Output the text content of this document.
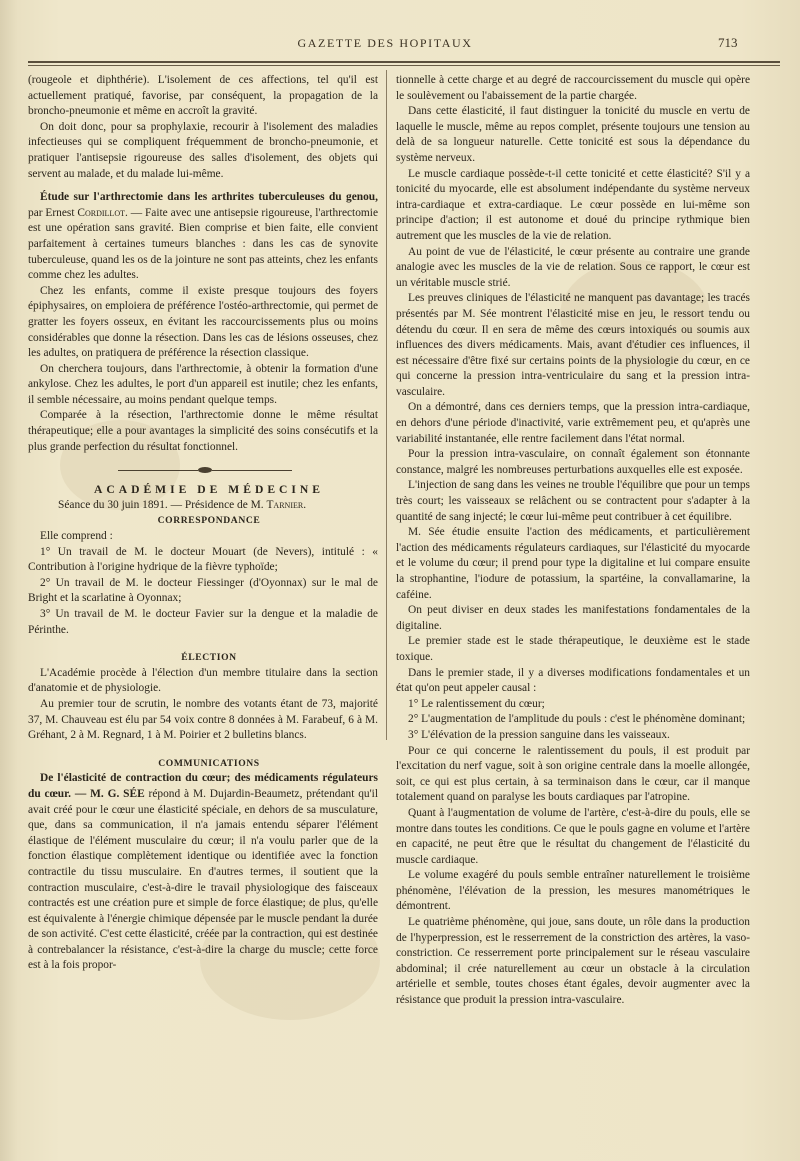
GAZETTE DES HOPITAUX	713

(rougeole et diphthérie). L'isolement de ces affections, tel qu'il est actuellement pratiqué, favorise, par conséquent, la propagation de la broncho-pneumonie et même en accroît la gravité.

On doit donc, pour sa prophylaxie, recourir à l'isolement des maladies infectieuses qui se compliquent fréquemment de broncho-pneumonie, et pratiquer l'antisepsie rigoureuse des salles d'isolement, des objets qui servent au malade, et du malade lui-même.

Étude sur l'arthrectomie dans les arthrites tuberculeuses du genou, par Ernest Cordillot. — Faite avec une antisepsie rigoureuse, l'arthrectomie est une opération sans gravité. Bien comprise et bien faite, elle convient parfaitement à certaines tumeurs blanches : dans les cas de synovite tuberculeuse, quand les os de la jointure ne sont pas atteints, chez les enfants comme chez les adultes.

Chez les enfants, comme il existe presque toujours des foyers épiphysaires, on emploiera de préférence l'ostéo-arthrectomie, qui permet de gratter les foyers osseux, en évitant les raccourcissements plus ou moins considérables que donne la résection. Dans les cas de lésions osseuses, chez les adultes, on pratiquera de préférence la résection classique.

On cherchera toujours, dans l'arthrectomie, à obtenir la formation d'une ankylose. Chez les adultes, le port d'un appareil est inutile; chez les enfants, il semble nécessaire, au moins pendant quelque temps.

Comparée à la résection, l'arthrectomie donne le même résultat thérapeutique; elle a pour avantages la simplicité des soins consécutifs et la plus grande perfection du résultat fonctionnel.

ACADÉMIE DE MÉDECINE

Séance du 30 juin 1891. — Présidence de M. Tarnier.

CORRESPONDANCE

Elle comprend :

1° Un travail de M. le docteur Mouart (de Nevers), intitulé : « Contribution à l'origine hydrique de la fièvre typhoïde;

2° Un travail de M. le docteur Fiessinger (d'Oyonnax) sur le mal de Bright et la scarlatine à Oyonnax;

3° Un travail de M. le docteur Favier sur la dengue et la maladie de Périnthe.

ÉLECTION

L'Académie procède à l'élection d'un membre titulaire dans la section d'anatomie et de physiologie.

Au premier tour de scrutin, le nombre des votants étant de 73, majorité 37, M. Chauveau est élu par 54 voix contre 8 données à M. Farabeuf, 6 à M. Gréhant, 2 à M. Regnard, 1 à M. Poirier et 2 bulletins blancs.

COMMUNICATIONS

De l'élasticité de contraction du cœur; des médicaments régulateurs du cœur. — M. G. SÉE répond à M. Dujardin-Beaumetz, prétendant qu'il avait créé pour le cœur une élasticité spéciale, en dehors de sa musculature, que, dans sa communication, il n'a jamais entendu séparer l'élément élastique de l'élément musculaire du cœur; il n'a voulu parler que de la fonction élastique complètement identique ou identifiée avec la fonction contractile du tissu musculaire. En d'autres termes, il soutient que la contraction musculaire, c'est-à-dire le travail physiologique des faisceaux contractés est une création pure et simple de force élastique; de plus, qu'elle est équivalente à l'énergie chimique dépensée par le muscle pendant la durée de son activité. C'est cette élasticité, créée par la contraction, qui est destinée à contrebalancer la résistance, c'est-à-dire la charge du muscle; cette force est à la fois propor-

tionnelle à cette charge et au degré de raccourcissement du muscle qui opère le soulèvement ou l'abaissement de la partie chargée.

Dans cette élasticité, il faut distinguer la tonicité du muscle en vertu de laquelle le muscle, même au repos complet, présente toujours une tension au delà de sa longueur naturelle. Cette tonicité est sous la dépendance du système nerveux.

Le muscle cardiaque possède-t-il cette tonicité et cette élasticité? S'il y a tonicité du myocarde, elle est absolument indépendante du système nerveux intra-cardiaque et extra-cardiaque. Le cœur possède en lui-même son principe d'action; il est autonome et doué du principe rythmique bien autrement que les muscles de la vie de relation.

Au point de vue de l'élasticité, le cœur présente au contraire une grande analogie avec les muscles de la vie de relation. Sous ce rapport, le cœur est un véritable muscle strié.

Les preuves cliniques de l'élasticité ne manquent pas davantage; les tracés présentés par M. Sée montrent l'élasticité mise en jeu, le ressort tendu ou détendu du cœur. Il en sera de même des cœurs intoxiqués ou soumis aux influences des divers médicaments. Mais, avant d'étudier ces influences, il est nécessaire d'être fixé sur certains points de la physiologie du cœur, en ce qui concerne la pression intra-ventriculaire du sang et la pression intra-vasculaire.

On a démontré, dans ces derniers temps, que la pression intra-cardiaque, en dehors d'une période d'inactivité, varie extrêmement peu, et qu'après une variabilité instantanée, elle rentre facilement dans l'état normal.

Pour la pression intra-vasculaire, on connaît également son étonnante constance, malgré les nombreuses perturbations auxquelles elle est exposée.

L'injection de sang dans les veines ne trouble l'équilibre que pour un temps très court; les vaisseaux se relâchent ou se contractent pour s'adapter à la quantité de sang injecté; le cœur lui-même peut contribuer à cet équilibre.

M. Sée étudie ensuite l'action des médicaments, et particulièrement l'action des médicaments régulateurs cardiaques, sur l'élasticité du myocarde et le volume du cœur; il prend pour type la digitaline et lui compare ensuite la strophantine, l'iodure de potassium, la spartéine, la convallamarine, la caféine.

On peut diviser en deux stades les manifestations fondamentales de la digitaline.

Le premier stade est le stade thérapeutique, le deuxième est le stade toxique.

Dans le premier stade, il y a diverses modifications fondamentales et un état qu'on peut appeler causal :

1° Le ralentissement du cœur;

2° L'augmentation de l'amplitude du pouls : c'est le phénomène dominant;

3° L'élévation de la pression sanguine dans les vaisseaux.

Pour ce qui concerne le ralentissement du pouls, il est produit par l'excitation du nerf vague, soit à son origine centrale dans la moelle allongée, soit, ce qui est plus certain, à sa terminaison dans le cœur, car il manque totalement quand on paralyse les bouts cardiaques par l'atropine.

Quant à l'augmentation de volume de l'artère, c'est-à-dire du pouls, elle se montre dans toutes les conditions. Ce que le pouls gagne en volume et l'artère en capacité, ne peut être que le résultat du changement de l'élasticité du muscle cardiaque.

Le volume exagéré du pouls semble entraîner naturellement le troisième phénomène, l'élévation de la pression, les mesures manométriques le démontrent.

Le quatrième phénomène, qui joue, sans doute, un rôle dans la production de l'hyperpression, est le resserrement de la constriction des artères, la vaso-constriction. Ce resserrement porte principalement sur le réseau vasculaire abdominal; il crée naturellement au cœur un obstacle à la circulation artérielle et semble, toutes choses étant égales, devoir augmenter avec la résistance que produit la pression intra-vasculaire.
